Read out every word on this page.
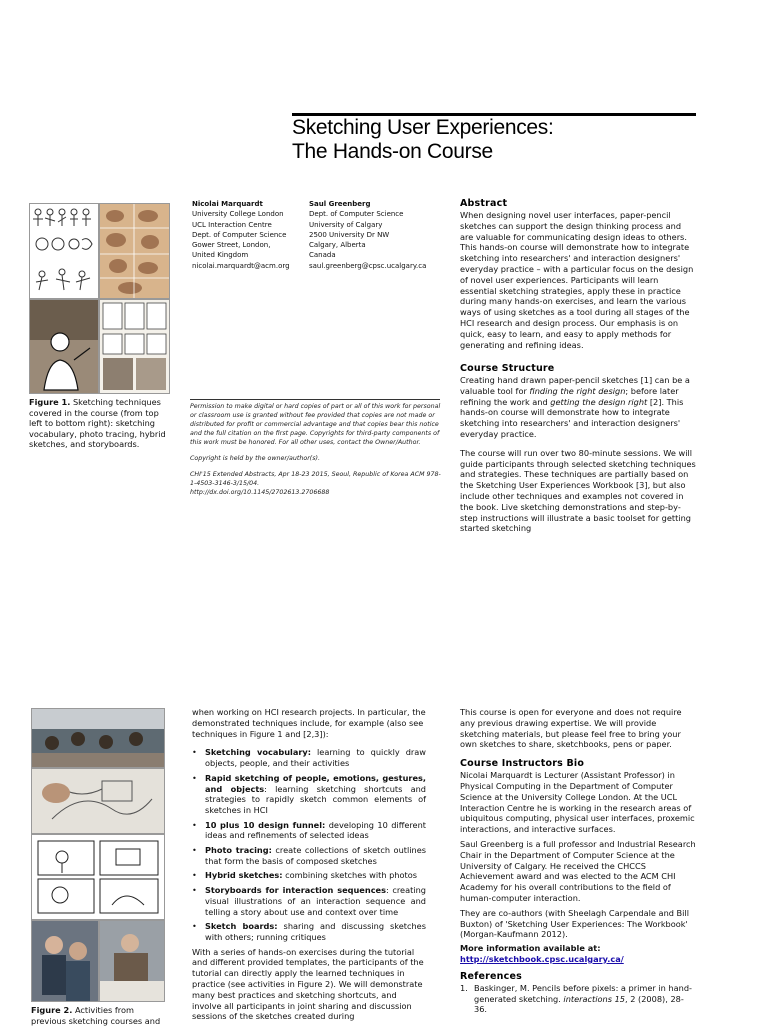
Sketching User Experiences:
The Hands-on Course
Figure 1. Sketching techniques covered in the course (from top left to bottom right): sketching vocabulary, photo tracing, hybrid sketches, and storyboards.
Nicolai Marquardt
University College London
UCL Interaction Centre
Dept. of Computer Science
Gower Street, London,
United Kingdom
nicolai.marquardt@acm.org
Saul Greenberg
Dept. of Computer Science
University of Calgary
2500 University Dr NW
Calgary, Alberta
Canada
saul.greenberg@cpsc.ucalgary.ca

Permission to make digital or hard copies of part or all of this work for personal or classroom use is granted without fee provided that copies are not made or distributed for profit or commercial advantage and that copies bear this notice and the full citation on the first page. Copyrights for third-party components of this work must be honored. For all other uses, contact the Owner/Author.

Copyright is held by the owner/author(s).

CHI'15 Extended Abstracts, Apr 18-23 2015, Seoul, Republic of Korea ACM 978-1-4503-3146-3/15/04.

http://dx.doi.org/10.1145/2702613.2706688

Abstract

When designing novel user interfaces, paper-pencil sketches can support the design thinking process and are valuable for communicating design ideas to others. This hands-on course will demonstrate how to integrate sketching into researchers' and interaction designers' everyday practice – with a particular focus on the design of novel user experiences. Participants will learn essential sketching strategies, apply these in practice during many hands-on exercises, and learn the various ways of using sketches as a tool during all stages of the HCI research and design process. Our emphasis is on quick, easy to learn, and easy to apply methods for generating and refining ideas.

Course Structure

Creating hand drawn paper-pencil sketches [1] can be a valuable tool for finding the right design; before later refining the work and getting the design right [2]. This hands-on course will demonstrate how to integrate sketching into researchers' and interaction designers' everyday practice.

The course will run over two 80-minute sessions. We will guide participants through selected sketching techniques and strategies. These techniques are partially based on the Sketching User Experiences Workbook [3], but also include other techniques and examples not covered in the book. Live sketching demonstrations and step-by-step instructions will illustrate a basic toolset for getting started sketching

Figure 2. Activities from previous sketching courses and

when working on HCI research projects. In particular, the demonstrated techniques include, for example (also see techniques in Figure 1 and [2,3]):

• Sketching vocabulary: learning to quickly draw objects, people, and their activities
• Rapid sketching of people, emotions, gestures, and objects: learning sketching shortcuts and strategies to rapidly sketch common elements of sketches in HCI
• 10 plus 10 design funnel: developing 10 different ideas and refinements of selected ideas
• Photo tracing: create collections of sketch outlines that form the basis of composed sketches
• Hybrid sketches: combining sketches with photos
• Storyboards for interaction sequences: creating visual illustrations of an interaction sequence and telling a story about use and context over time
• Sketch boards: sharing and discussing sketches with others; running critiques

With a series of hands-on exercises during the tutorial and different provided templates, the participants of the tutorial can directly apply the learned techniques in practice (see activities in Figure 2). We will demonstrate many best practices and sketching shortcuts, and involve all participants in joint sharing and discussion sessions of the sketches created during

This course is open for everyone and does not require any previous drawing expertise. We will provide sketching materials, but please feel free to bring your own sketches to share, sketchbooks, pens or paper.

Course Instructors Bio

Nicolai Marquardt is Lecturer (Assistant Professor) in Physical Computing in the Department of Computer Science at the University College London. At the UCL Interaction Centre he is working in the research areas of ubiquitous computing, physical user interfaces, proxemic interactions, and interactive surfaces.

Saul Greenberg is a full professor and Industrial Research Chair in the Department of Computer Science at the University of Calgary. He received the CHCCS Achievement award and was elected to the ACM CHI Academy for his overall contributions to the field of human-computer interaction.

They are co-authors (with Sheelagh Carpendale and Bill Buxton) of 'Sketching User Experiences: The Workbook' (Morgan-Kaufmann 2012).

More information available at:
http://sketchbook.cpsc.ucalgary.ca/
References
1. Baskinger, M. Pencils before pixels: a primer in hand-generated sketching. interactions 15, 2 (2008), 28-36.
